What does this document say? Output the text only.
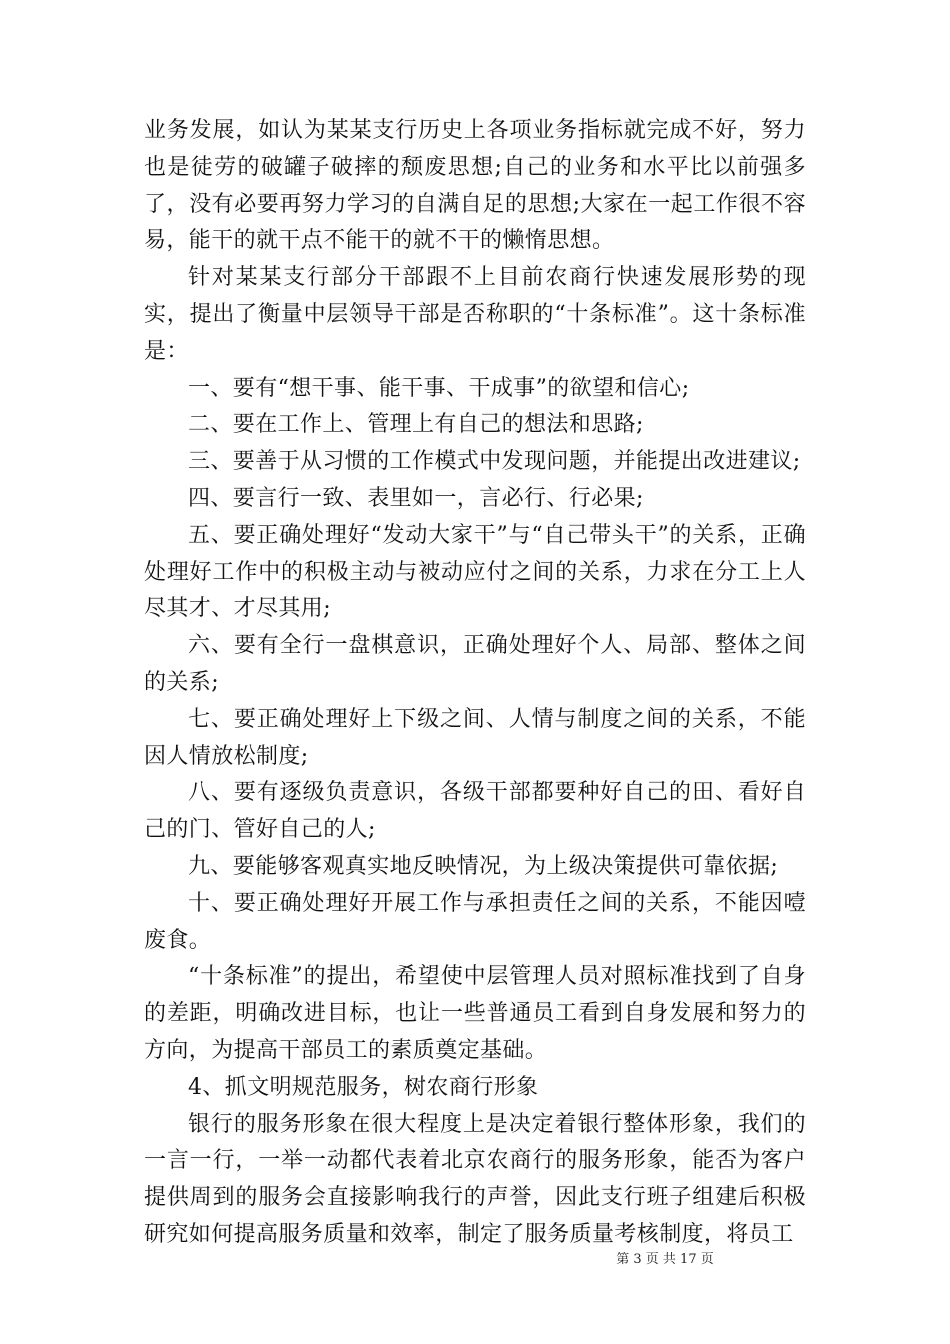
业务发展，如认为某某支行历史上各项业务指标就完成不好，努力也是徒劳的破罐子破摔的颓废思想;自己的业务和水平比以前强多了，没有必要再努力学习的自满自足的思想;大家在一起工作很不容易，能干的就干点不能干的就不干的懒惰思想。

针对某某支行部分干部跟不上目前农商行快速发展形势的现实，提出了衡量中层领导干部是否称职的“十条标准”。这十条标准是：

一、要有“想干事、能干事、干成事”的欲望和信心;

二、要在工作上、管理上有自己的想法和思路;

三、要善于从习惯的工作模式中发现问题，并能提出改进建议;

四、要言行一致、表里如一，言必行、行必果;

五、要正确处理好“发动大家干”与“自己带头干”的关系，正确处理好工作中的积极主动与被动应付之间的关系，力求在分工上人尽其才、才尽其用;

六、要有全行一盘棋意识，正确处理好个人、局部、整体之间的关系;

七、要正确处理好上下级之间、人情与制度之间的关系，不能因人情放松制度;

八、要有逐级负责意识，各级干部都要种好自己的田、看好自己的门、管好自己的人;

九、要能够客观真实地反映情况，为上级决策提供可靠依据;

十、要正确处理好开展工作与承担责任之间的关系，不能因噎废食。

“十条标准”的提出，希望使中层管理人员对照标准找到了自身的差距，明确改进目标，也让一些普通员工看到自身发展和努力的方向，为提高干部员工的素质奠定基础。

4、抓文明规范服务，树农商行形象

银行的服务形象在很大程度上是决定着银行整体形象，我们的一言一行，一举一动都代表着北京农商行的服务形象，能否为客户提供周到的服务会直接影响我行的声誉，因此支行班子组建后积极研究如何提高服务质量和效率，制定了服务质量考核制度，将员工

第 3 页 共 17 页
